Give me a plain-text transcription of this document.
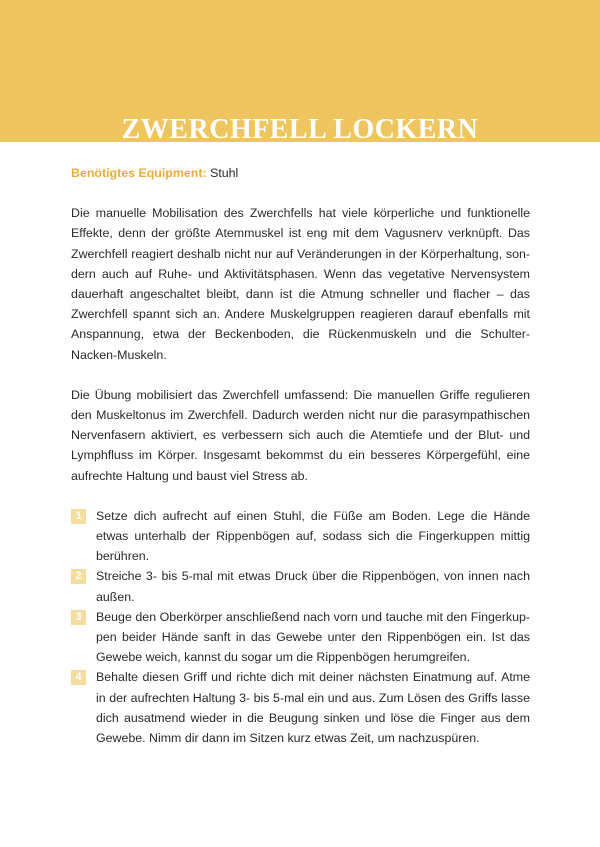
ZWERCHFELL LOCKERN

Benötigtes Equipment: Stuhl

Die manuelle Mobilisation des Zwerchfells hat viele körperliche und funktionelle Effekte, denn der größte Atemmuskel ist eng mit dem Vagusnerv verknüpft. Das Zwerchfell reagiert deshalb nicht nur auf Veränderungen in der Körperhaltung, sondern auch auf Ruhe- und Aktivitätsphasen. Wenn das vegetative Nervensystem dauerhaft angeschaltet bleibt, dann ist die Atmung schneller und flacher – das Zwerchfell spannt sich an. Andere Muskelgruppen reagieren darauf ebenfalls mit Anspannung, etwa der Beckenboden, die Rückenmuskeln und die Schulter-Nacken-Muskeln.

Die Übung mobilisiert das Zwerchfell umfassend: Die manuellen Griffe regulieren den Muskeltonus im Zwerchfell. Dadurch werden nicht nur die parasympathischen Nervenfasern aktiviert, es verbessern sich auch die Atemtiefe und der Blut- und Lymphfluss im Körper. Insgesamt bekommst du ein besseres Körpergefühl, eine aufrechte Haltung und baust viel Stress ab.

1	Setze dich aufrecht auf einen Stuhl, die Füße am Boden. Lege die Hände etwas unterhalb der Rippenbögen auf, sodass sich die Fingerkuppen mittig berühren.
2	Streiche 3- bis 5-mal mit etwas Druck über die Rippenbögen, von innen nach außen.
3	Beuge den Oberkörper anschließend nach vorn und tauche mit den Fingerkuppen beider Hände sanft in das Gewebe unter den Rippenbögen ein. Ist das Gewebe weich, kannst du sogar um die Rippenbögen herumgreifen.
4	Behalte diesen Griff und richte dich mit deiner nächsten Einatmung auf. Atme in der aufrechten Haltung 3- bis 5-mal ein und aus. Zum Lösen des Griffs lasse dich ausatmend wieder in die Beugung sinken und löse die Finger aus dem Gewebe. Nimm dir dann im Sitzen kurz etwas Zeit, um nachzuspüren.
